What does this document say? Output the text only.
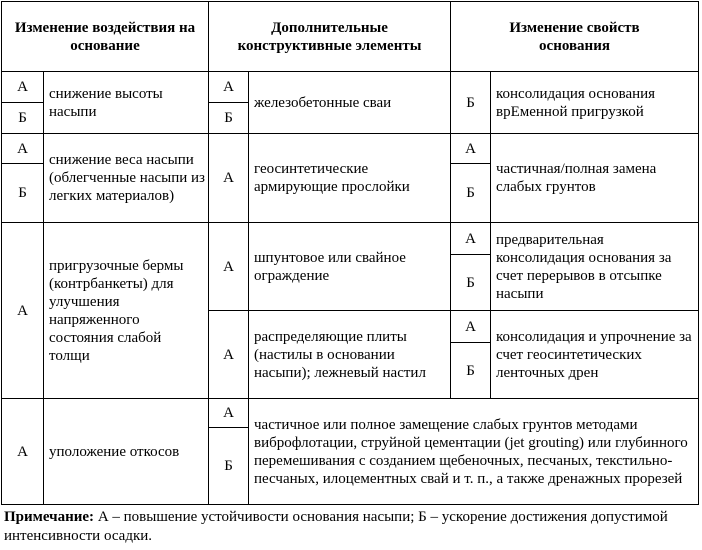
Изменение воздействия на основание
Дополнительные конструктивные элементы
Изменение свойств основания
А
Б
снижение высоты насыпи
А
Б
снижение веса насыпи (облегченные насыпи из легких материалов)
А
пригрузочные бермы (контрбанкеты) для улучшения напряженного состояния слабой толщи
А	уположение откосов
А
Б
железобетонные сваи
А
геосинтетические армирующие прослойки
А
шпунтовое или свайное ограждение
А
распределяющие плиты (настилы в основании насыпи); лежневый настил
А
Б
частичное или полное замещение слабых грунтов методами виброфлотации, струйной цементации (jet grouting) или глубинного перемешивания с созданием щебеночных, песчаных, текстильно-песчаных, илоцементных свай и т. п., а также дренажных прорезей
Б
консолидация основания врЕменной пригрузкой
А
Б
частичная/полная замена слабых грунтов
А
Б
предварительная консолидация основания за счет перерывов в отсыпке насыпи
А
Б
консолидация и упрочнение за счет геосинтетических ленточных дрен
Примечание: А – повышение устойчивости основания насыпи; Б – ускорение достижения допустимой интенсивности осадки.
